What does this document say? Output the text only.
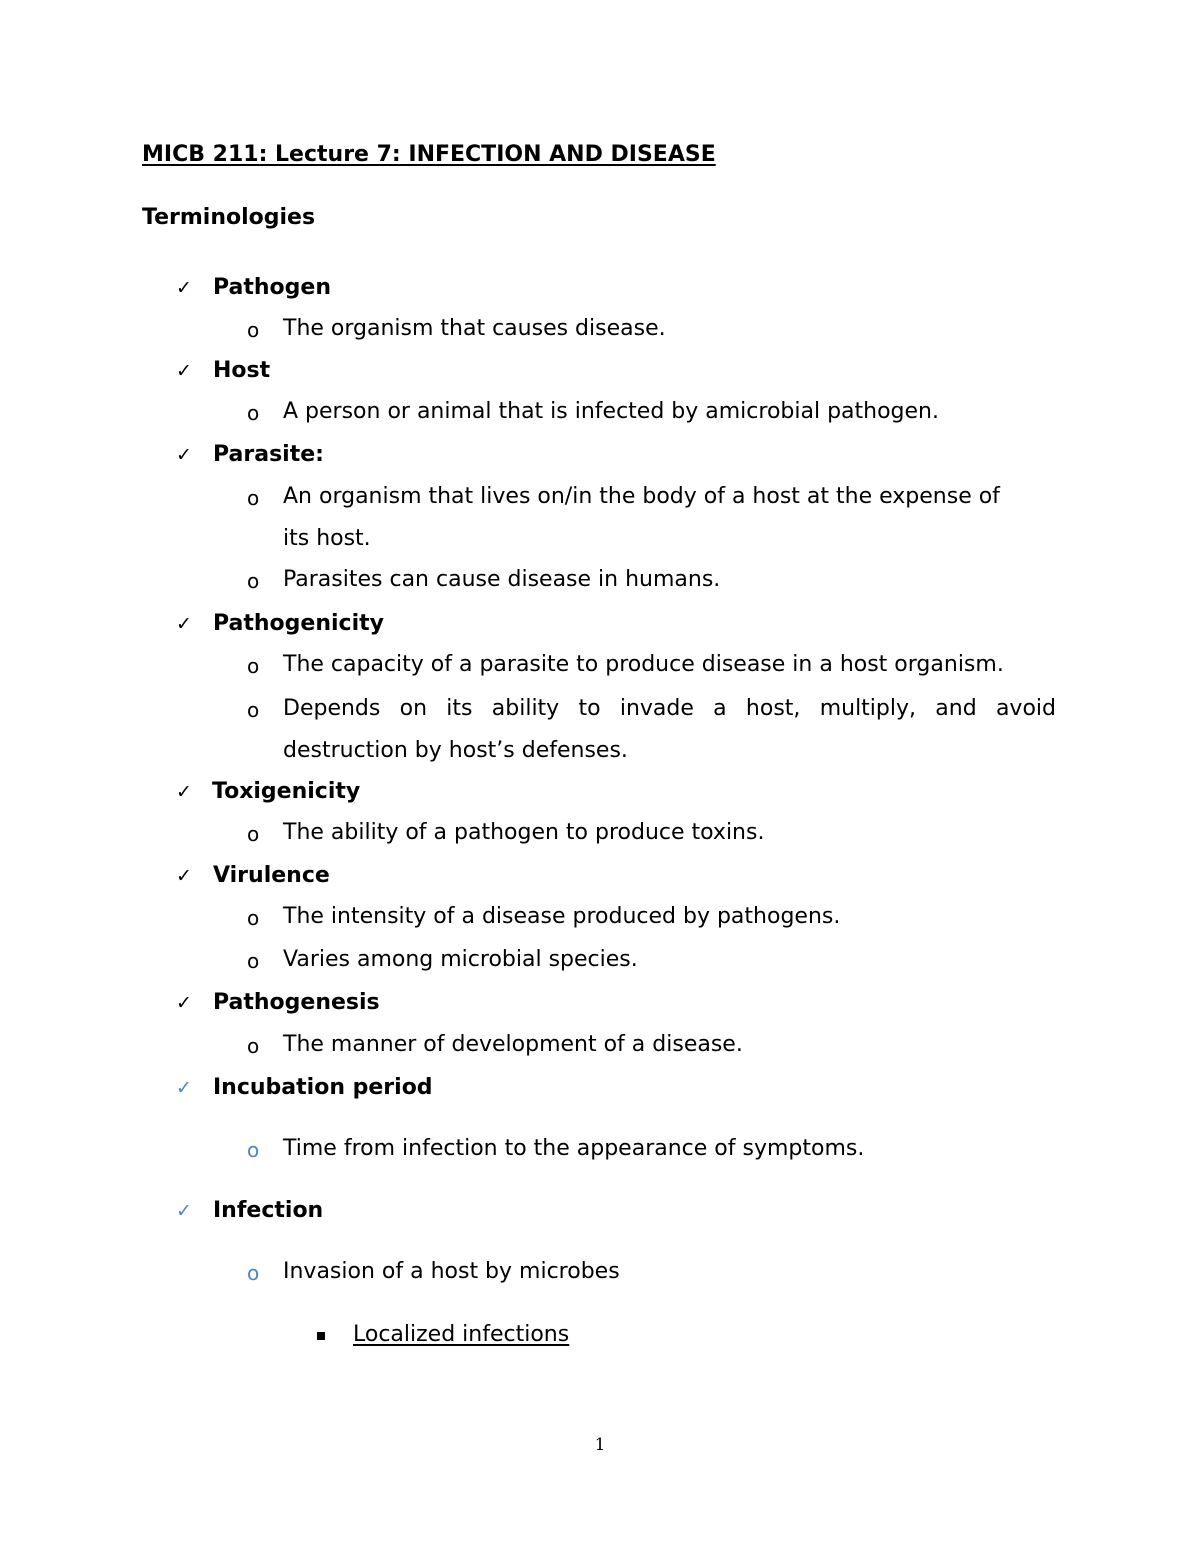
MICB 211: Lecture 7: INFECTION AND DISEASE
Terminologies
✓ Pathogen
o The organism that causes disease.
✓ Host
o A person or animal that is infected by amicrobial pathogen.
✓ Parasite:
o An organism that lives on/in the body of a host at the expense of
its host.
o Parasites can cause disease in humans.
✓ Pathogenicity
o The capacity of a parasite to produce disease in a host organism.
o Depends on its ability to invade a host, multiply, and avoid
destruction by host’s defenses.
✓ Toxigenicity
o The ability of a pathogen to produce toxins.
✓ Virulence
o The intensity of a disease produced by pathogens.
o Varies among microbial species.
✓ Pathogenesis
o The manner of development of a disease.
✓ Incubation period
o Time from infection to the appearance of symptoms.
✓ Infection
o Invasion of a host by microbes
Localized infections
1
